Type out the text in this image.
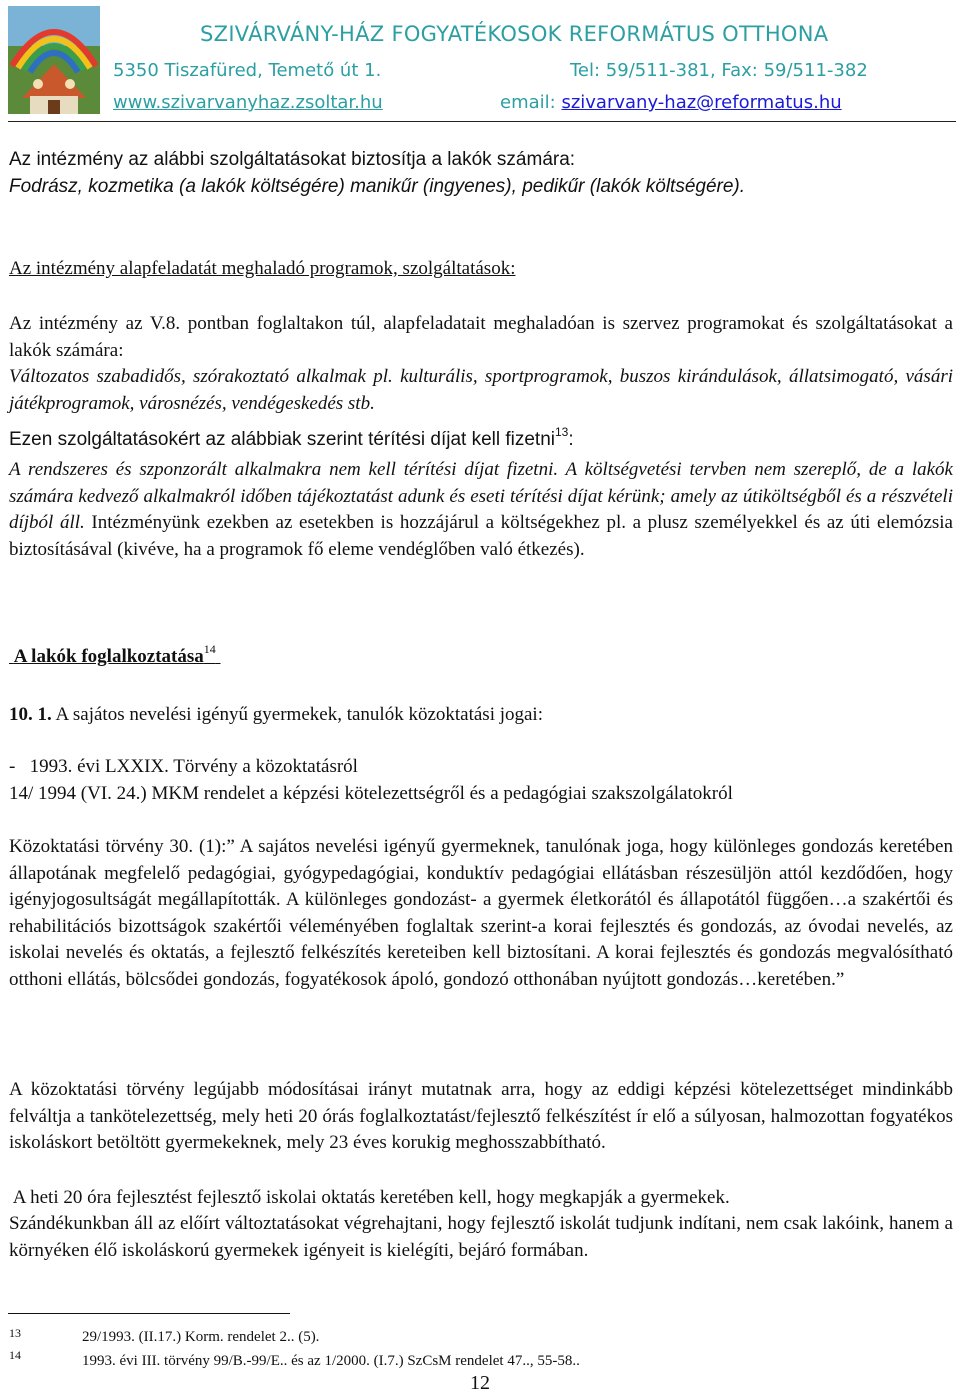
SZIVÁRVÁNY-HÁZ FOGYATÉKOSOK REFORMÁTUS OTTHONA
5350 Tiszafüred, Temető út 1.	Tel: 59/511-381, Fax: 59/511-382
www.szivarvanyhaz.zsoltar.hu	email: szivarvany-haz@reformatus.hu

Az intézmény az alábbi szolgáltatásokat biztosítja a lakók számára:

Fodrász, kozmetika (a lakók költségére) manikűr (ingyenes), pedikűr (lakók költségére).

Az intézmény alapfeladatát meghaladó programok, szolgáltatások:

Az intézmény az V.8. pontban foglaltakon túl, alapfeladatait meghaladóan is szervez programokat és szolgáltatásokat a lakók számára:

Változatos szabadidős, szórakoztató alkalmak pl. kulturális, sportprogramok, buszos kirándulások, állatsimogató, vásári játékprogramok, városnézés, vendégeskedés stb.

Ezen szolgáltatásokért az alábbiak szerint térítési díjat kell fizetni$^{13}$:

A rendszeres és szponzorált alkalmakra nem kell térítési díjat fizetni. A költségvetési tervben nem szereplő, de a lakók számára kedvező alkalmakról időben tájékoztatást adunk és eseti térítési díjat kérünk; amely az útiköltségből és a részvételi díjból áll. Intézményünk ezekben az esetekben is hozzájárul a költségekhez pl. a plusz személyekkel és az úti elemózsia biztosításával (kivéve, ha a programok fő eleme vendéglőben való étkezés).

A lakók foglalkoztatása$^{14}$

10. 1. A sajátos nevelési igényű gyermekek, tanulók közoktatási jogai:

-   1993. évi LXXIX. Törvény a közoktatásról

14/ 1994 (VI. 24.) MKM rendelet a képzési kötelezettségről és a pedagógiai szakszolgálatokról

Közoktatási törvény 30. (1):” A sajátos nevelési igényű gyermeknek, tanulónak joga, hogy különleges gondozás keretében állapotának megfelelő pedagógiai, gyógypedagógiai, konduktív pedagógiai ellátásban részesüljön attól kezdődően, hogy igényjogosultságát megállapították. A különleges gondozást- a gyermek életkorától és állapotától függően…a szakértői és rehabilitációs bizottságok szakértői véleményében foglaltak szerint-a korai fejlesztés és gondozás, az óvodai nevelés, az iskolai nevelés és oktatás, a fejlesztő felkészítés kereteiben kell biztosítani. A korai fejlesztés és gondozás megvalósítható otthoni ellátás, bölcsődei gondozás, fogyatékosok ápoló, gondozó otthonában nyújtott gondozás…keretében.”

A közoktatási törvény legújabb módosításai irányt mutatnak arra, hogy az eddigi képzési kötelezettséget mindinkább felváltja a tankötelezettség, mely heti 20 órás foglalkoztatást/fejlesztő felkészítést ír elő a súlyosan, halmozottan fogyatékos iskoláskort betöltött gyermekeknek, mely 23 éves korukig meghosszabbítható.

A heti 20 óra fejlesztést fejlesztő iskolai oktatás keretében kell, hogy megkapják a gyermekek.

Szándékunkban áll az előírt változtatásokat végrehajtani, hogy fejlesztő iskolát tudjunk indítani, nem csak lakóink, hanem a környéken élő iskoláskorú gyermekek igényeit is kielégíti, bejáró formában.

13	29/1993. (II.17.) Korm. rendelet 2.. (5).
14	1993. évi III. törvény 99/B.-99/E.. és az 1/2000. (I.7.) SzCsM rendelet 47.., 55-58..
12
